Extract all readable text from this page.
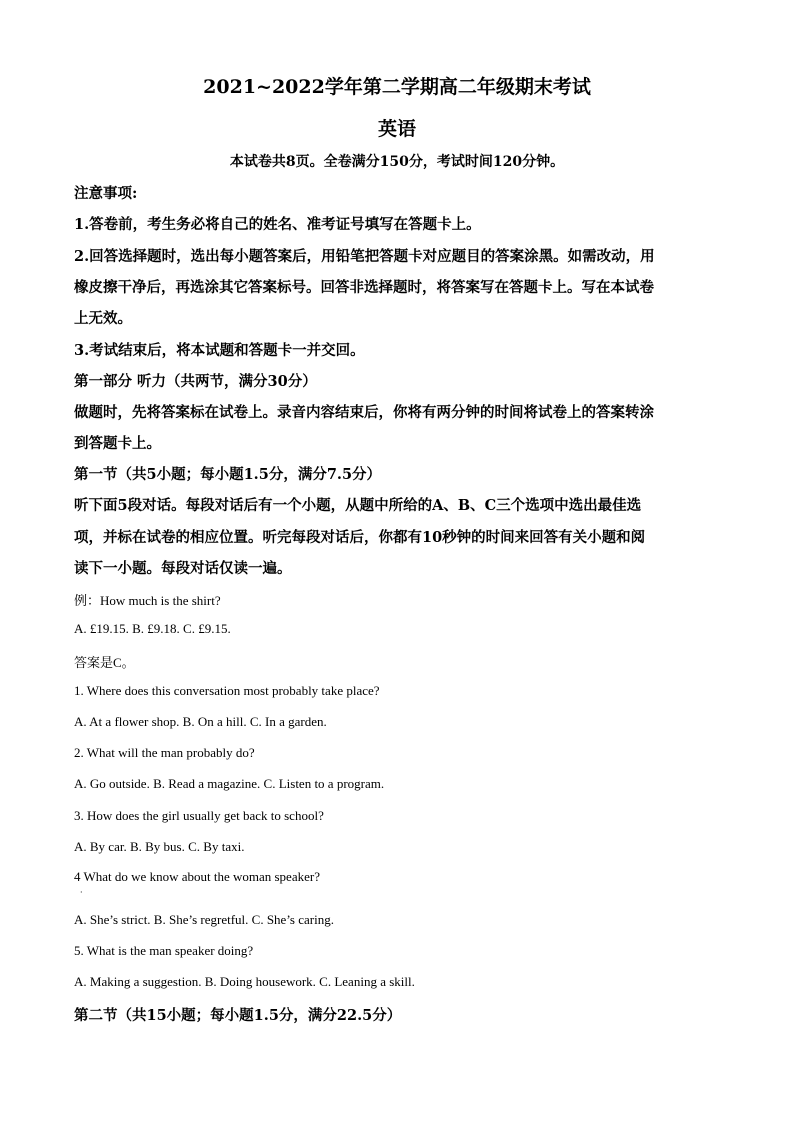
2021~2022学年第二学期高二年级期末考试
英语
本试卷共8页。全卷满分150分，考试时间120分钟。
注意事项:
1.答卷前，考生务必将自己的姓名、准考证号填写在答题卡上。
2.回答选择题时，选出每小题答案后，用铅笔把答题卡对应题目的答案涂黑。如需改动，用
橡皮擦干净后，再选涂其它答案标号。回答非选择题时，将答案写在答题卡上。写在本试卷
上无效。
3.考试结束后，将本试题和答题卡一并交回。
第一部分 听力（共两节，满分30分）
做题时，先将答案标在试卷上。录音内容结束后，你将有两分钟的时间将试卷上的答案转涂
到答题卡上。
第一节（共5小题；每小题1.5分，满分7.5分）
听下面5段对话。每段对话后有一个小题，从题中所给的A、B、C三个选项中选出最佳选
项，并标在试卷的相应位置。听完每段对话后，你都有10秒钟的时间来回答有关小题和阅
读下一小题。每段对话仅读一遍。
例：How much is the shirt?
A. £19.15. B. £9.18. C. £9.15.
答案是C。
1. Where does this conversation most probably take place?
A. At a flower shop. B. On a hill. C. In a garden.
2. What will the man probably do?
A. Go outside. B. Read a magazine. C. Listen to a program.
3. How does the girl usually get back to school?
A. By car. B. By bus. C. By taxi.
4 What do we know about the woman speaker?
·
A. She’s strict. B. She’s regretful. C. She’s caring.
5. What is the man speaker doing?
A. Making a suggestion. B. Doing housework. C. Leaning a skill.
第二节（共15小题；每小题1.5分，满分22.5分）
